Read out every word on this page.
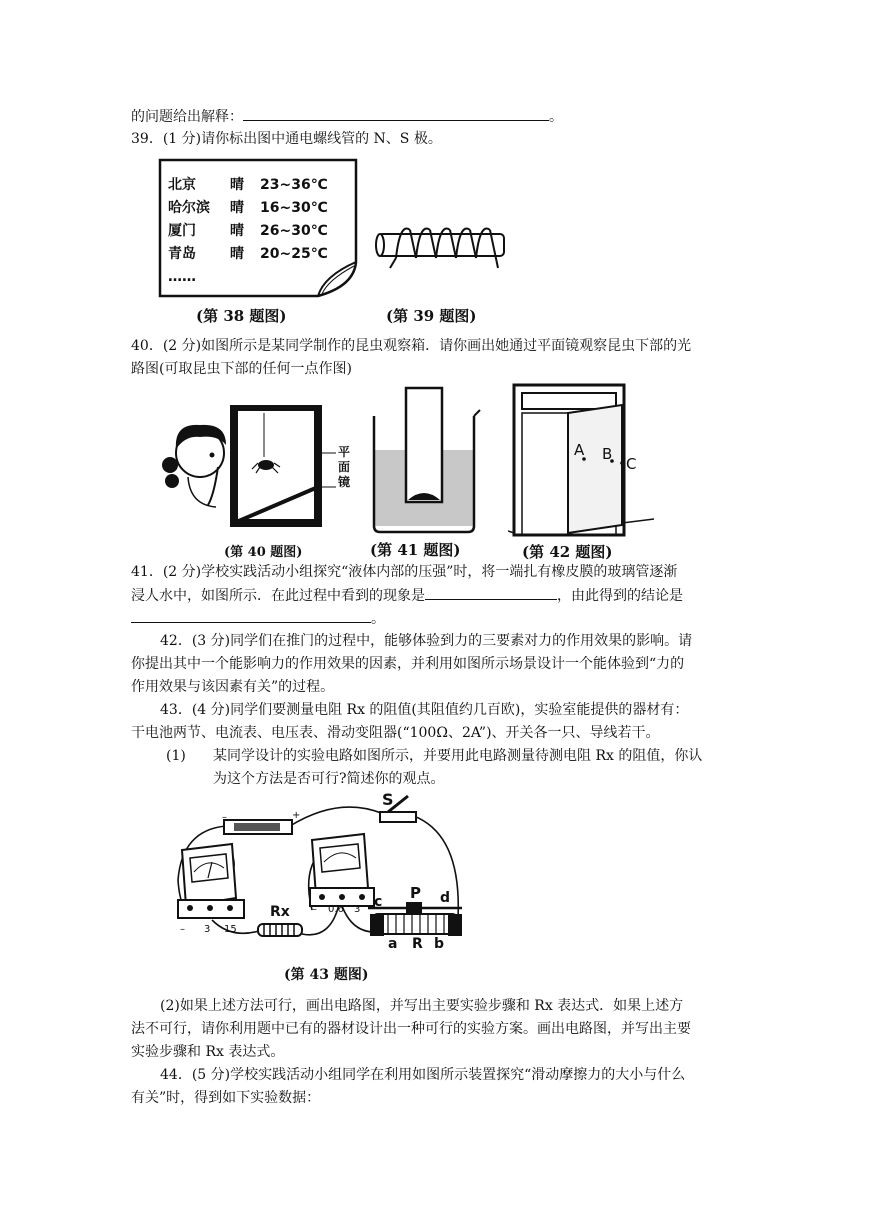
的问题给出解释：	。
39．(1 分)请你标出图中通电螺线管的 N、S 极。
北京 晴 23~36℃
哈尔滨 晴 16~30℃
厦门 晴 26~30℃
青岛 晴 20~25℃
……
(第 38 题图)	(第 39 题图)
40．(2 分)如图所示是某同学制作的昆虫观察箱．请你画出她通过平面镜观察昆虫下部的光
路图(可取昆虫下部的任何一点作图)
平
面
镜
A B
C
(第 40 题图)	(第 41 题图)	(第 42 题图)
41．(2 分)学校实践活动小组探究“液体内部的压强”时，将一端扎有橡皮膜的玻璃管逐渐
浸人水中，如图所示．在此过程中看到的现象是	，由此得到的结论是
。
42．(3 分)同学们在推门的过程中，能够体验到力的三要素对力的作用效果的影响。请
你提出其中一个能影响力的作用效果的因素，并利用如图所示场景设计一个能体验到“力的
作用效果与该因素有关”的过程。
43．(4 分)同学们要测量电阻 Rx 的阻值(其阻值约几百欧)，实验室能提供的器材有：
干电池两节、电流表、电压表、滑动变阻器(“100Ω、2A”)、开关各一只、导线若干。
(1) 某同学设计的实验电路如图所示，并要用此电路测量待测电阻 Rx 的阻值，你认
为这个方法是否可行?简述你的观点。
S
–	+
Rx
P
c	d
a R b
– 0.6 3
– 3 15
(第 43 题图)
(2)如果上述方法可行，画出电路图，并写出主要实验步骤和 Rx 表达式．如果上述方
法不可行，请你利用题中已有的器材设计出一种可行的实验方案。画出电路图，并写出主要
实验步骤和 Rx 表达式。
44．(5 分)学校实践活动小组同学在利用如图所示装置探究“滑动摩擦力的大小与什么
有关”时，得到如下实验数据：
